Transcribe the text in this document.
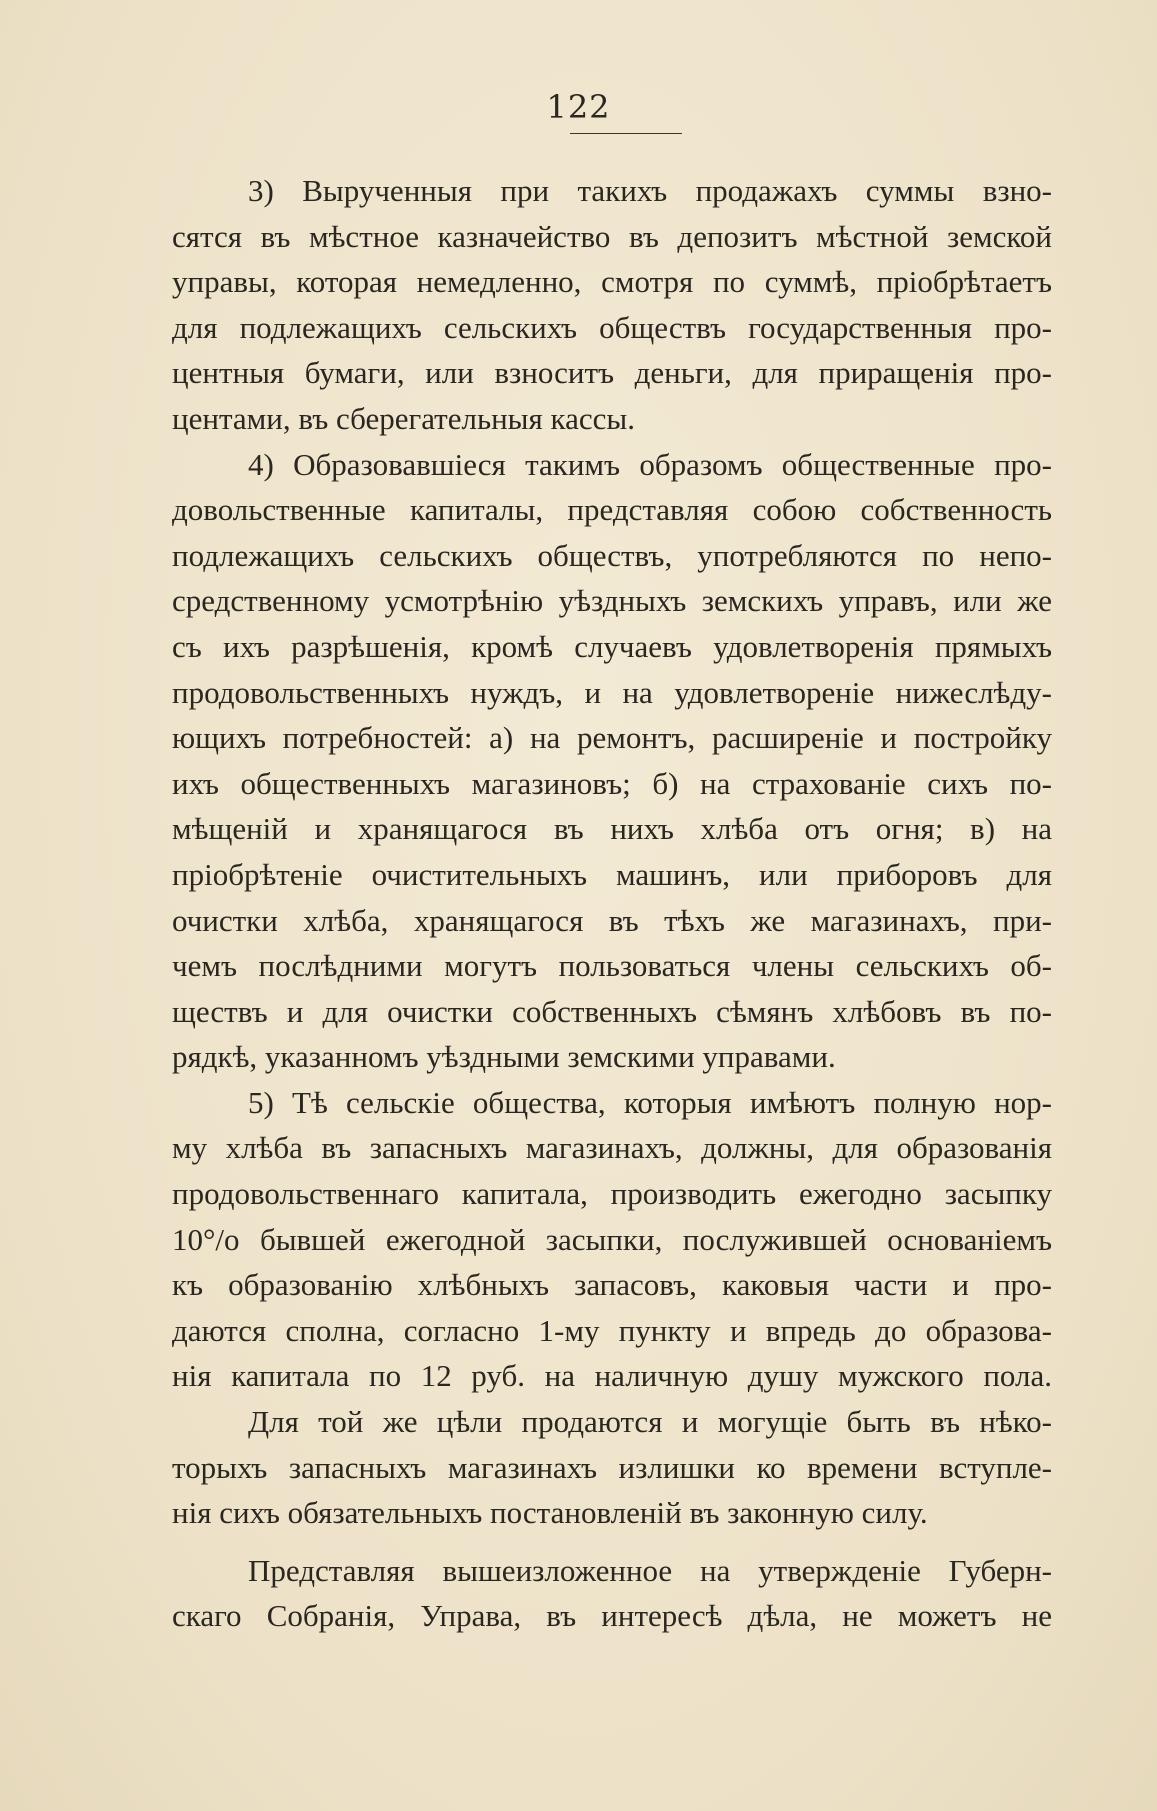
122
3) Вырученныя при такихъ продажахъ суммы взно-
сятся въ мѣстное казначейство въ депозитъ мѣстной земской
управы, которая немедленно, смотря по суммѣ, пріобрѣтаетъ
для подлежащихъ сельскихъ обществъ государственныя про-
центныя бумаги, или взноситъ деньги, для приращенія про-
центами, въ сберегательныя кассы.
4) Образовавшіеся такимъ образомъ общественные про-
довольственные капиталы, представляя собою собственность
подлежащихъ сельскихъ обществъ, употребляются по непо-
средственному усмотрѣнію уѣздныхъ земскихъ управъ, или же
съ ихъ разрѣшенія, кромѣ случаевъ удовлетворенія прямыхъ
продовольственныхъ нуждъ, и на удовлетвореніе нижеслѣду-
ющихъ потребностей: а) на ремонтъ, расширеніе и постройку
ихъ общественныхъ магазиновъ; б) на страхованіе сихъ по-
мѣщеній и хранящагося въ нихъ хлѣба отъ огня; в) на
пріобрѣтеніе очистительныхъ машинъ, или приборовъ для
очистки хлѣба, хранящагося въ тѣхъ же магазинахъ, при-
чемъ послѣдними могутъ пользоваться члены сельскихъ об-
ществъ и для очистки собственныхъ сѣмянъ хлѣбовъ въ по-
рядкѣ, указанномъ уѣздными земскими управами.
5) Тѣ сельскіе общества, которыя имѣютъ полную нор-
му хлѣба въ запасныхъ магазинахъ, должны, для образованія
продовольственнаго капитала, производить ежегодно засыпку
10°/о бывшей ежегодной засыпки, послужившей основаніемъ
къ образованію хлѣбныхъ запасовъ, каковыя части и про-
даются сполна, согласно 1-му пункту и впредь до образова-
нія капитала по 12 руб. на наличную душу мужского пола.
Для той же цѣли продаются и могущіе быть въ нѣко-
торыхъ запасныхъ магазинахъ излишки ко времени вступле-
нія сихъ обязательныхъ постановленій въ законную силу.
Представляя вышеизложенное на утвержденіе Губерн-
скаго Собранія, Управа, въ интересѣ дѣла, не можетъ не
